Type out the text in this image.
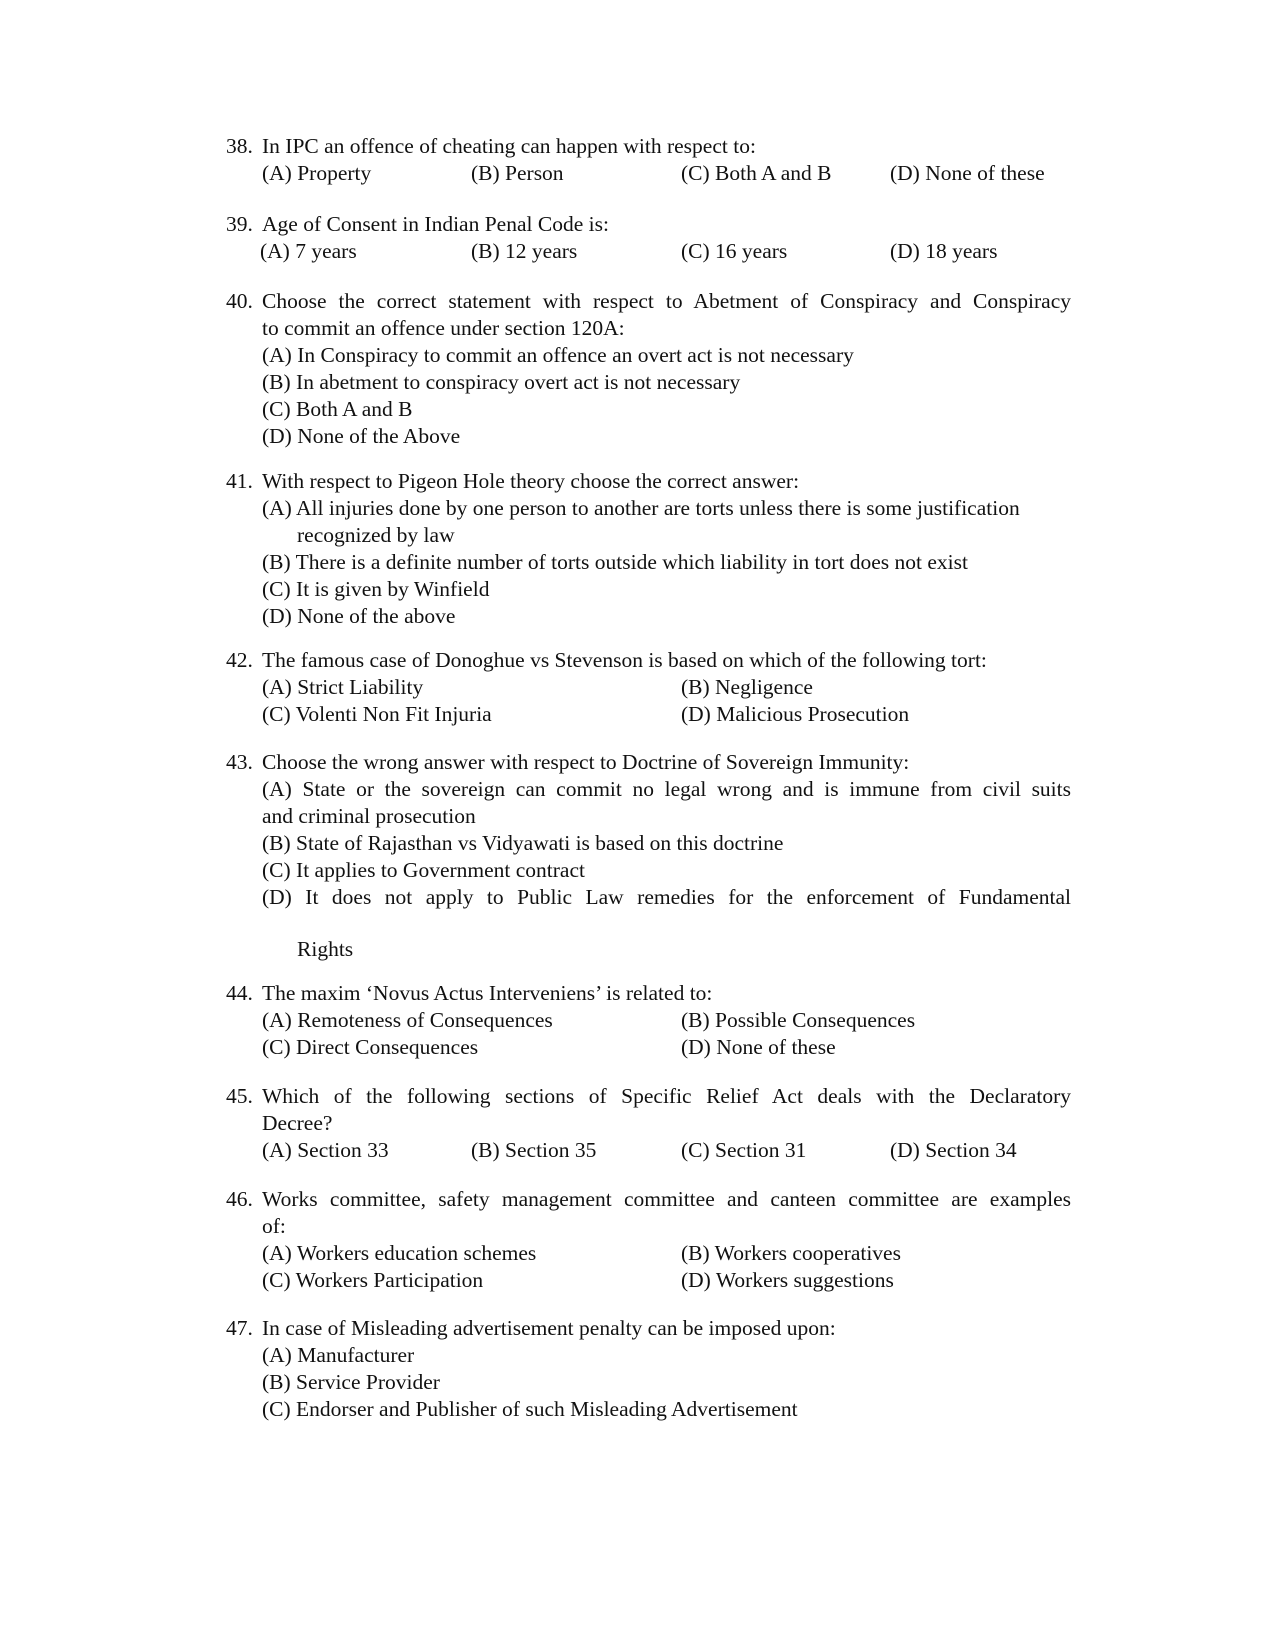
38. In IPC an offence of cheating can happen with respect to:
(A) Property	(B) Person	(C) Both A and B	(D) None of these
39. Age of Consent in Indian Penal Code is:
(A) 7 years	(B) 12 years	(C) 16 years	(D) 18 years
40. Choose the correct statement with respect to Abetment of Conspiracy and Conspiracy
to commit an offence under section 120A:
(A) In Conspiracy to commit an offence an overt act is not necessary
(B) In abetment to conspiracy overt act is not necessary
(C) Both A and B
(D) None of the Above
41. With respect to Pigeon Hole theory choose the correct answer:
(A) All injuries done by one person to another are torts unless there is some justification
recognized by law
(B) There is a definite number of torts outside which liability in tort does not exist
(C) It is given by Winfield
(D) None of the above
42. The famous case of Donoghue vs Stevenson is based on which of the following tort:
(A) Strict Liability	(B) Negligence
(C) Volenti Non Fit Injuria	(D) Malicious Prosecution
43. Choose the wrong answer with respect to Doctrine of Sovereign Immunity:
(A) State or the sovereign can commit no legal wrong and is immune from civil suits
and criminal prosecution
(B) State of Rajasthan vs Vidyawati is based on this doctrine
(C) It applies to Government contract
(D) It does not apply to Public Law remedies for the enforcement of Fundamental
Rights
44. The maxim ‘Novus Actus Interveniens’ is related to:
(A) Remoteness of Consequences	(B) Possible Consequences
(C) Direct Consequences	(D) None of these
45. Which of the following sections of Specific Relief Act deals with the Declaratory
Decree?
(A) Section 33	(B) Section 35	(C) Section 31	(D) Section 34
46. Works committee, safety management committee and canteen committee are examples
of:
(A) Workers education schemes	(B) Workers cooperatives
(C) Workers Participation	(D) Workers suggestions
47. In case of Misleading advertisement penalty can be imposed upon:
(A) Manufacturer
(B) Service Provider
(C) Endorser and Publisher of such Misleading Advertisement
